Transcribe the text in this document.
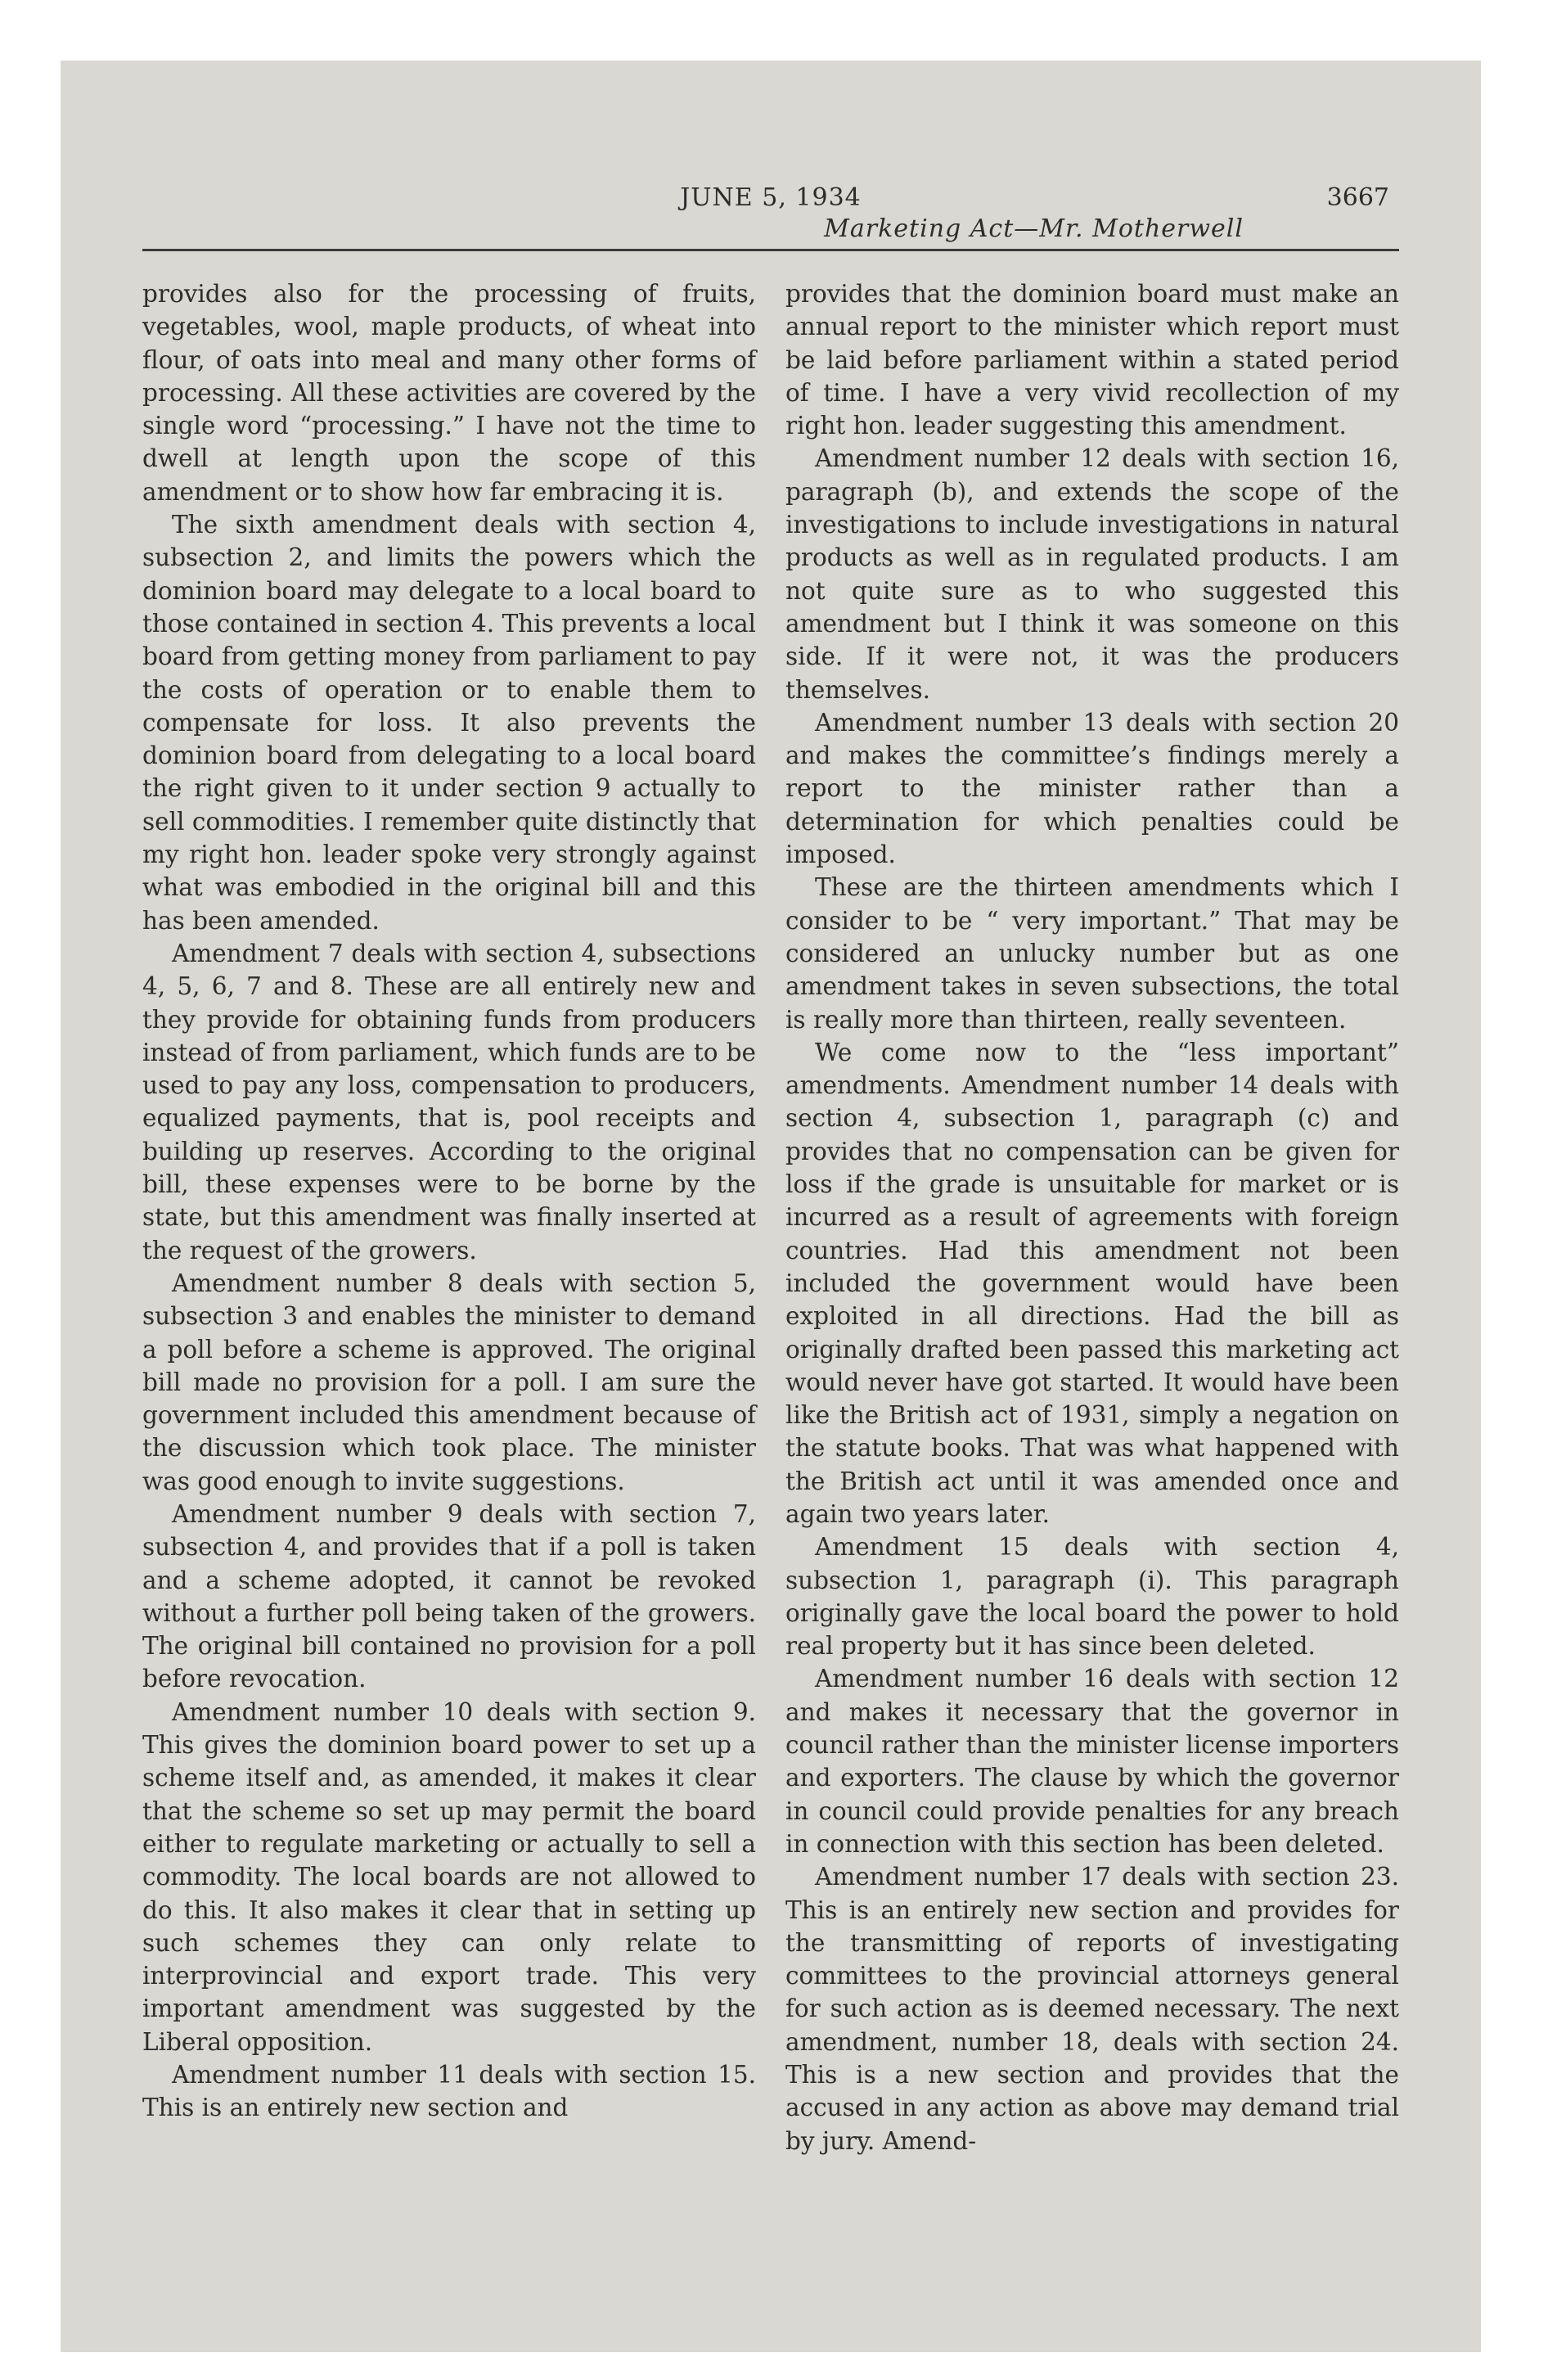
JUNE 5, 1934	3667
Marketing Act—Mr. Motherwell

provides also for the processing of fruits, vegetables, wool, maple products, of wheat into flour, of oats into meal and many other forms of processing. All these activities are covered by the single word “processing.” I have not the time to dwell at length upon the scope of this amendment or to show how far embracing it is.

The sixth amendment deals with section 4, subsection 2, and limits the powers which the dominion board may delegate to a local board to those contained in section 4. This prevents a local board from getting money from parliament to pay the costs of operation or to enable them to compensate for loss. It also prevents the dominion board from delegating to a local board the right given to it under section 9 actually to sell commodities. I remember quite distinctly that my right hon. leader spoke very strongly against what was embodied in the original bill and this has been amended.

Amendment 7 deals with section 4, subsections 4, 5, 6, 7 and 8. These are all entirely new and they provide for obtaining funds from producers instead of from parliament, which funds are to be used to pay any loss, compensation to producers, equalized payments, that is, pool receipts and building up reserves. According to the original bill, these expenses were to be borne by the state, but this amendment was finally inserted at the request of the growers.

Amendment number 8 deals with section 5, subsection 3 and enables the minister to demand a poll before a scheme is approved. The original bill made no provision for a poll. I am sure the government included this amendment because of the discussion which took place. The minister was good enough to invite suggestions.

Amendment number 9 deals with section 7, subsection 4, and provides that if a poll is taken and a scheme adopted, it cannot be revoked without a further poll being taken of the growers. The original bill contained no provision for a poll before revocation.

Amendment number 10 deals with section 9. This gives the dominion board power to set up a scheme itself and, as amended, it makes it clear that the scheme so set up may permit the board either to regulate marketing or actually to sell a commodity. The local boards are not allowed to do this. It also makes it clear that in setting up such schemes they can only relate to interprovincial and export trade. This very important amendment was suggested by the Liberal opposition.

Amendment number 11 deals with section 15. This is an entirely new section and

provides that the dominion board must make an annual report to the minister which report must be laid before parliament within a stated period of time. I have a very vivid recollection of my right hon. leader suggesting this amendment.

Amendment number 12 deals with section 16, paragraph (b), and extends the scope of the investigations to include investigations in natural products as well as in regulated products. I am not quite sure as to who suggested this amendment but I think it was someone on this side. If it were not, it was the producers themselves.

Amendment number 13 deals with section 20 and makes the committee’s findings merely a report to the minister rather than a determination for which penalties could be imposed.

These are the thirteen amendments which I consider to be “ very important.” That may be considered an unlucky number but as one amendment takes in seven subsections, the total is really more than thirteen, really seventeen.

We come now to the “less important” amendments. Amendment number 14 deals with section 4, subsection 1, paragraph (c) and provides that no compensation can be given for loss if the grade is unsuitable for market or is incurred as a result of agreements with foreign countries. Had this amendment not been included the government would have been exploited in all directions. Had the bill as originally drafted been passed this marketing act would never have got started. It would have been like the British act of 1931, simply a negation on the statute books. That was what happened with the British act until it was amended once and again two years later.

Amendment 15 deals with section 4, subsection 1, paragraph (i). This paragraph originally gave the local board the power to hold real property but it has since been deleted.

Amendment number 16 deals with section 12 and makes it necessary that the governor in council rather than the minister license importers and exporters. The clause by which the governor in council could provide penalties for any breach in connection with this section has been deleted.

Amendment number 17 deals with section 23. This is an entirely new section and provides for the transmitting of reports of investigating committees to the provincial attorneys general for such action as is deemed necessary. The next amendment, number 18, deals with section 24. This is a new section and provides that the accused in any action as above may demand trial by jury. Amend-
